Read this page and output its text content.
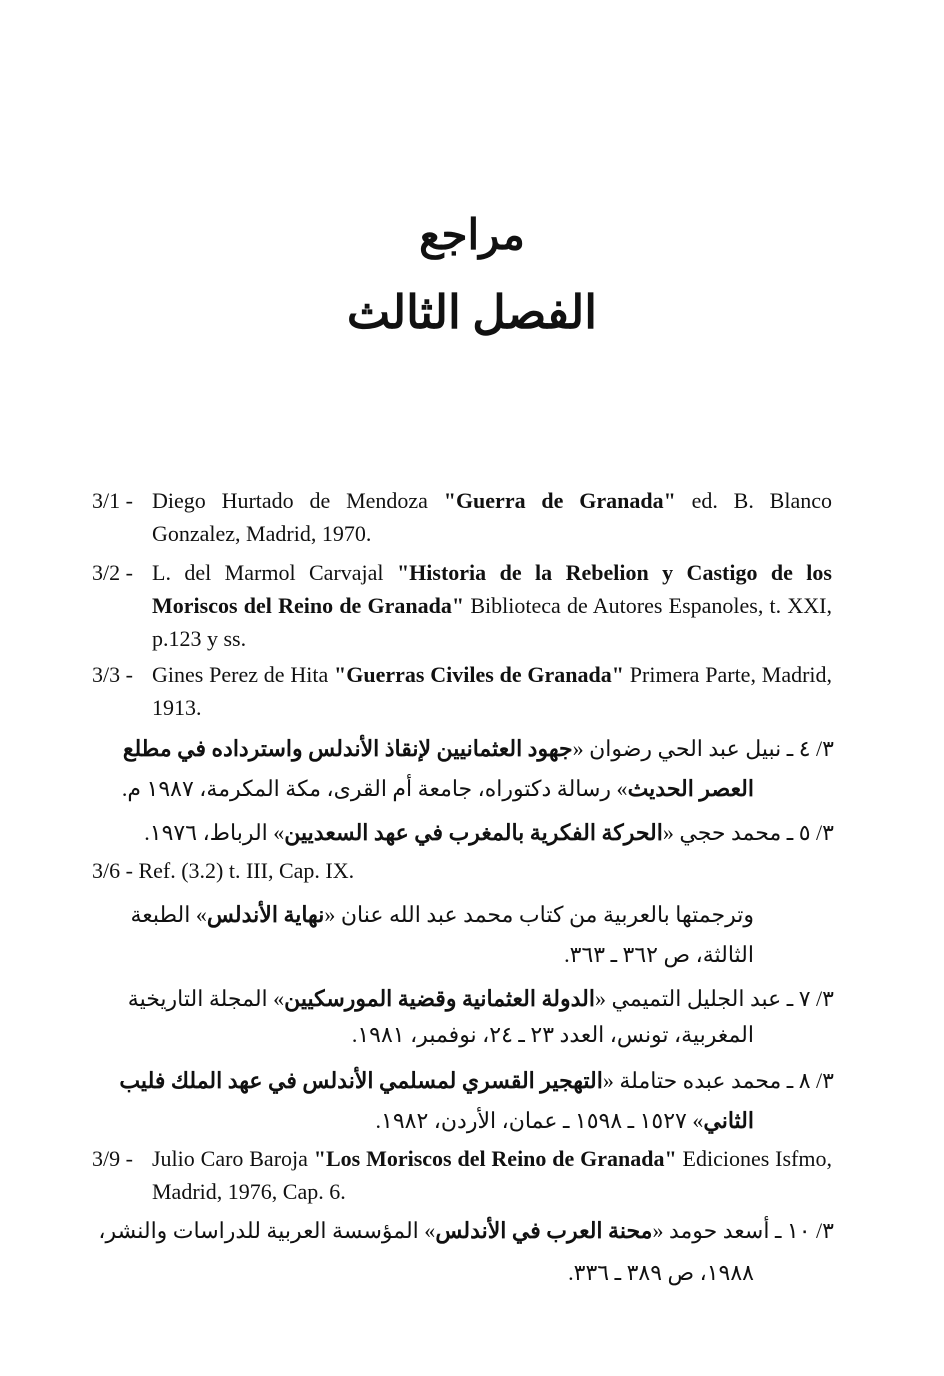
مراجع
الفصل الثالث
3/1 - Diego Hurtado de Mendoza "Guerra de Granada" ed. B. Blanco Gonzalez, Madrid, 1970.
3/2 - L. del Marmol Carvajal "Historia de la Rebelion y Castigo de los Moriscos del Reino de Granada" Biblioteca de Autores Espanoles, t. XXI, p.123 y ss.
3/3 - Gines Perez de Hita "Guerras Civiles de Granada" Primera Parte, Madrid, 1913.
٣/ ٤ ـ نبيل عبد الحي رضوان «جهود العثمانيين لإنقاذ الأندلس واسترداده في مطلع
العصر الحديث» رسالة دكتوراه، جامعة أم القرى، مكة المكرمة، ١٩٨٧ م.
٣/ ٥ ـ محمد حجي «الحركة الفكرية بالمغرب في عهد السعديين» الرباط، ١٩٧٦.
3/6 - Ref. (3.2) t. III, Cap. IX.
وترجمتها بالعربية من كتاب محمد عبد الله عنان «نهاية الأندلس» الطبعة
الثالثة، ص ٣٦٢ ـ ٣٦٣.
٣/ ٧ ـ عبد الجليل التميمي «الدولة العثمانية وقضية المورسكيين» المجلة التاريخية
المغربية، تونس، العدد ٢٣ ـ ٢٤، نوفمبر، ١٩٨١.
٣/ ٨ ـ محمد عبده حتاملة «التهجير القسري لمسلمي الأندلس في عهد الملك فليب
الثاني» ١٥٢٧ ـ ١٥٩٨ ـ عمان، الأردن، ١٩٨٢.
3/9 - Julio Caro Baroja "Los Moriscos del Reino de Granada" Ediciones Isfmo, Madrid, 1976, Cap. 6.
٣/ ١٠ ـ أسعد حومد «محنة العرب في الأندلس» المؤسسة العربية للدراسات والنشر،
١٩٨٨، ص ٣٨٩ ـ ٣٣٦.
